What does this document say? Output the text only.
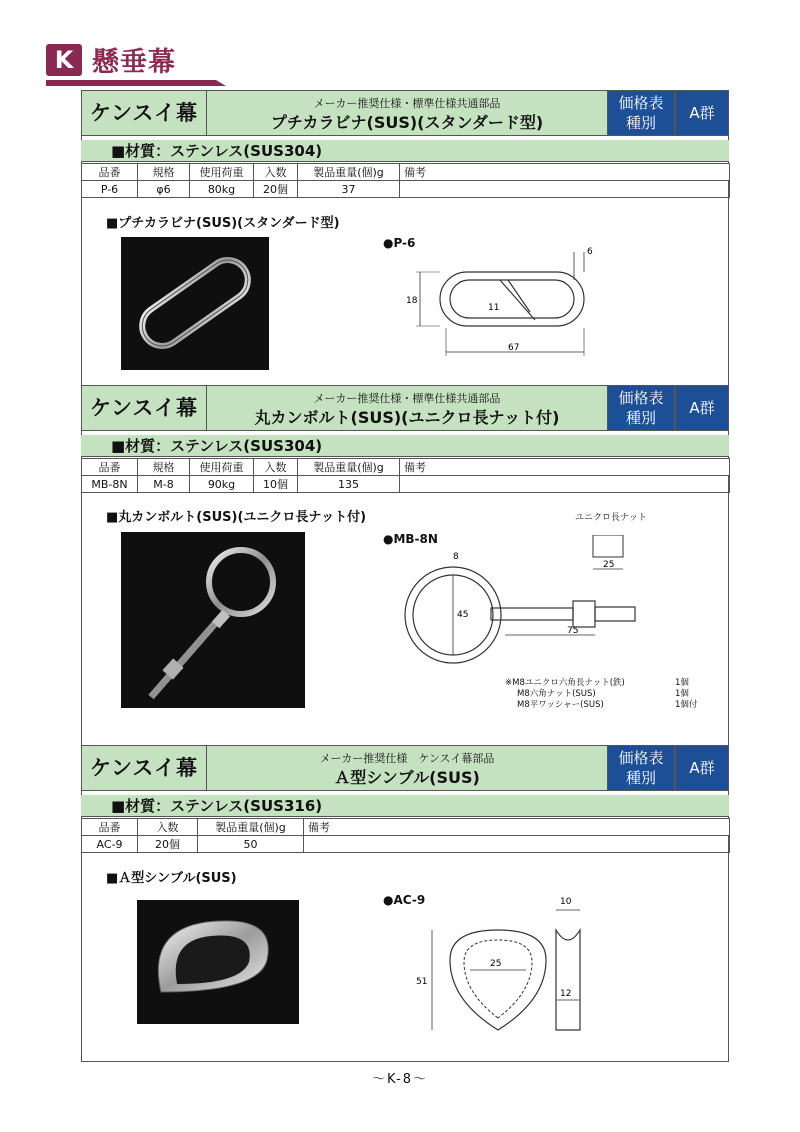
K 懸垂幕
ケンスイ幕	メーカー推奨仕様・標準仕様共通部品
プチカラビナ(SUS)(スタンダード型)
価格表
種別
A群
■材質：ステンレス(SUS304)
品番	規格	使用荷重	入数	製品重量(個)g	備考
P-6	φ6	80kg	20個	37	
■プチカラビナ(SUS)(スタンダード型)
●P-6
6
18
11
67
ケンスイ幕	メーカー推奨仕様・標準仕様共通部品
丸カンボルト(SUS)(ユニクロ長ナット付)
価格表
種別
A群
■材質：ステンレス(SUS304)
品番	規格	使用荷重	入数	製品重量(個)g	備考
MB-8N	M-8	90kg	10個	135	
■丸カンボルト(SUS)(ユニクロ長ナット付)
●MB-8N
ユニクロ長ナット
8
45
75
25
※M8ユニクロ六角長ナット(鉄)	1個
M8六角ナット(SUS)	1個
M8平ワッシャー(SUS)	1個付
ケンスイ幕	メーカー推奨仕様　ケンスイ幕部品
Ａ型シンブル(SUS)
価格表
種別
A群
■材質：ステンレス(SUS316)
品番	入数	製品重量(個)g	備考
AC-9	20個	50	
■Ａ型シンブル(SUS)
●AC-9	10
25
51
12
～K-8～
